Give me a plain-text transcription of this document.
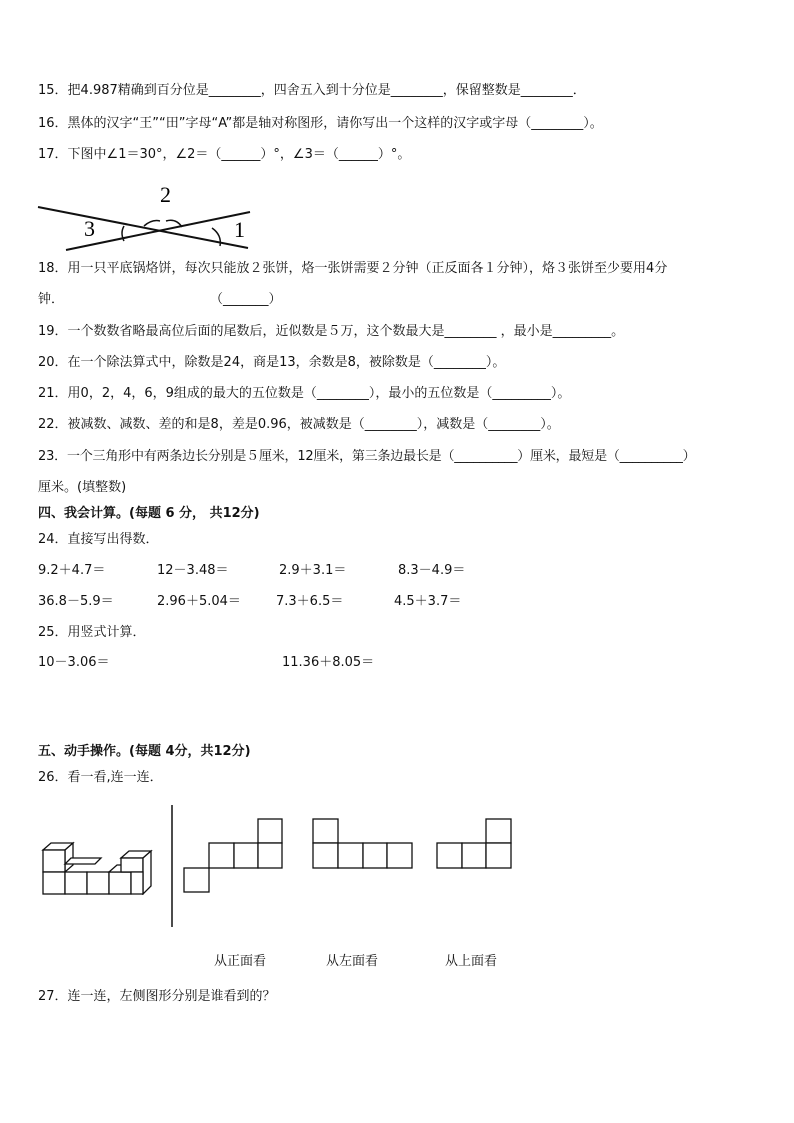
15．把4.987精确到百分位是________，四舍五入到十分位是________，保留整数是________．
16．黑体的汉字“王”“田”字母“A”都是轴对称图形，请你写出一个这样的汉字或字母（________）。
17．下图中∠1＝30°，∠2＝（______）°，∠3＝（______）°。
2
3	1
18．用一只平底锅烙饼，每次只能放２张饼，烙一张饼需要２分钟（正反面各１分钟），烙３张饼至少要用4分
钟．	（_______）
19．一个数数省略最高位后面的尾数后，近似数是５万，这个数最大是________ ，最小是_________。
20．在一个除法算式中，除数是24，商是13，余数是8，被除数是（________）。
21．用0，2，4，6，9组成的最大的五位数是（________），最小的五位数是（_________）。
22．被减数、减数、差的和是8，差是0.96，被减数是（________），减数是（________）。
23．一个三角形中有两条边长分别是５厘米，12厘米，第三条边最长是（__________）厘米，最短是（__________）
厘米。(填整数)
四、我会计算。(每题 6 分， 共12分)
24．直接写出得数．
9.2＋4.7＝	12－3.48＝	2.9＋3.1＝	8.3－4.9＝
36.8－5.9＝	2.96＋5.04＝	7.3＋6.5＝	4.5＋3.7＝
25．用竖式计算．
10－3.06＝	11.36＋8.05＝
五、动手操作。(每题 4分，共12分)
26．看一看,连一连．
从正面看	从左面看	从上面看
27．连一连，左侧图形分别是谁看到的？
